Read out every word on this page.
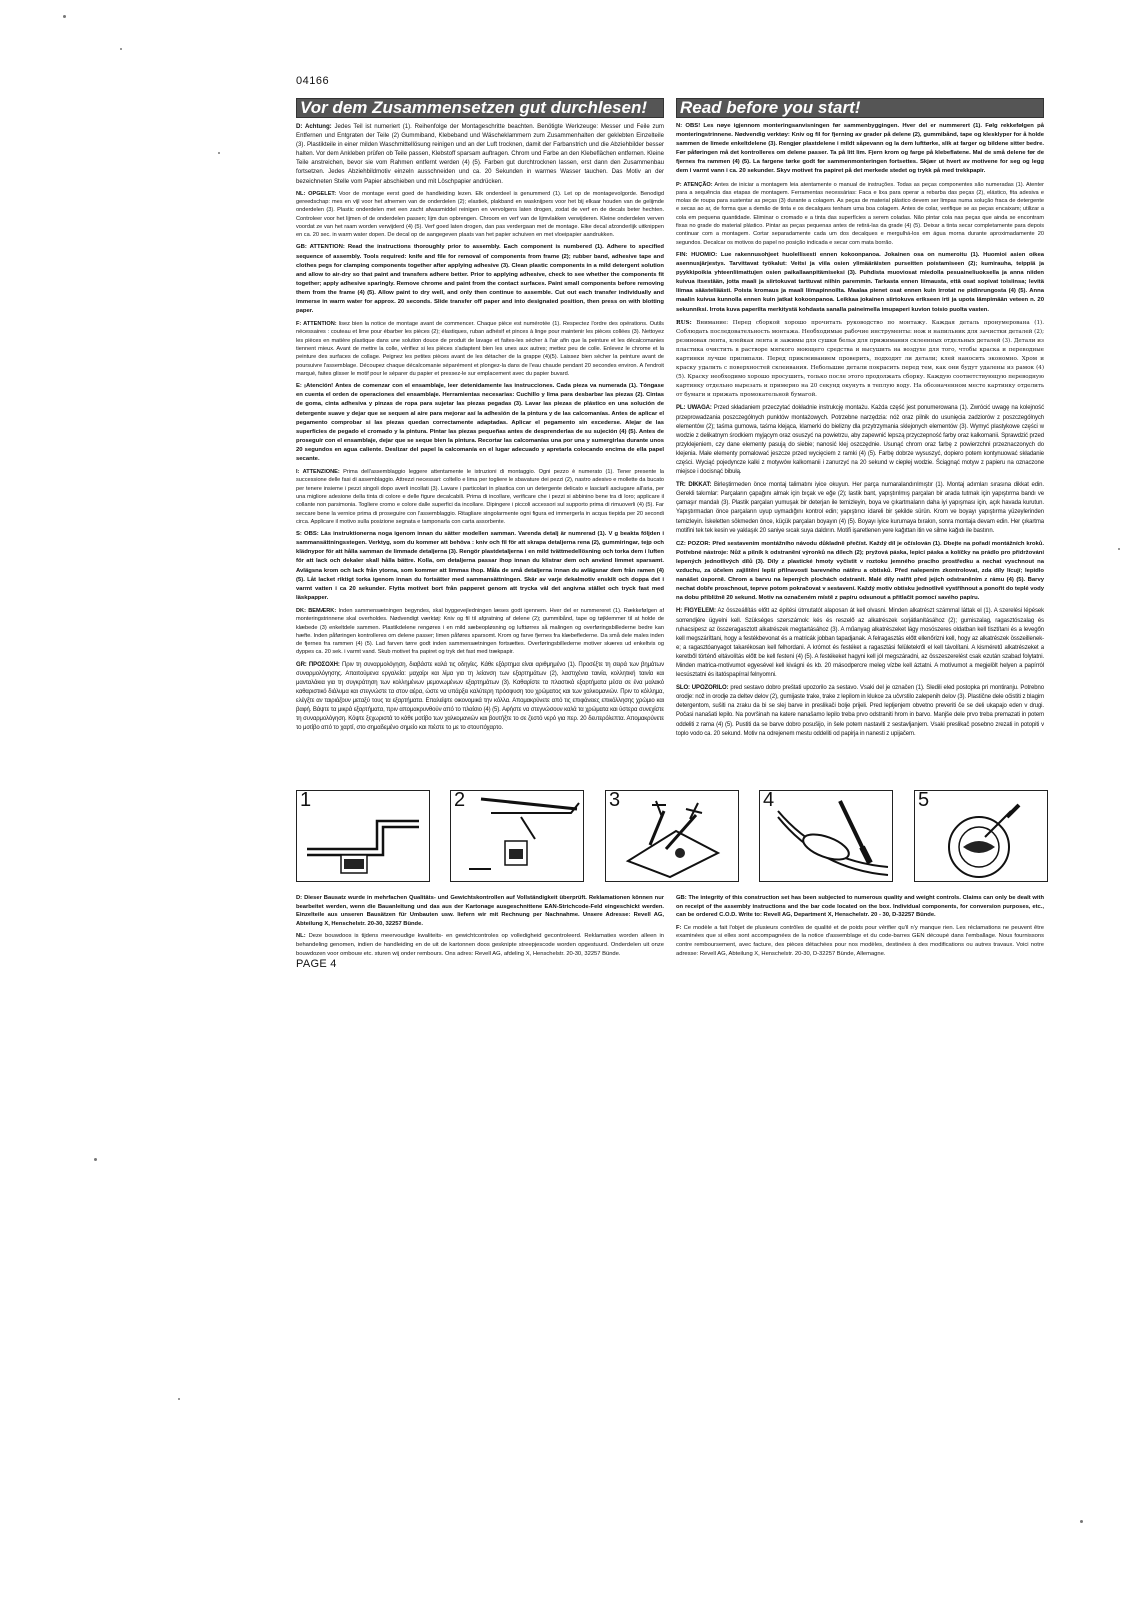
04166
Vor dem Zusammensetzen gut durchlesen!

D: Achtung: Jedes Teil ist numeriert (1). Reihenfolge der Montageschritte beachten. Benötigte Werkzeuge: Messer und Feile zum Entfernen und Entgraten der Teile (2) Gummiband, Klebeband und Wäscheklammern zum Zusammenhalten der geklebten Einzelteile (3). Plastikteile in einer milden Waschmittellösung reinigen und an der Luft trocknen, damit der Farbanstrich und die Abziehbilder besser halten. Vor dem Ankleben prüfen ob Teile passen, Klebstoff sparsam auftragen. Chrom und Farbe an den Klebeflächen entfernen. Kleine Teile anstreichen, bevor sie vom Rahmen entfernt werden (4) (5). Farben gut durchtrocknen lassen, erst dann den Zusammenbau fortsetzen. Jedes Abziehbildmotiv einzeln ausschneiden und ca. 20 Sekunden in warmes Wasser tauchen. Das Motiv an der bezeichneten Stelle vom Papier abschieben und mit Löschpapier andrücken.

NL: OPGELET: Voor de montage eerst goed de handleiding lezen. Elk onderdeel is genummerd (1). Let op de montagevolgorde. Benodigd gereedschap: mes en vijl voor het afnemen van de onderdelen (2); elastiek, plakband en wasknijpers voor het bij elkaar houden van de gelijmde onderdelen (3). Plastic onderdelen met een zacht afwasmiddel reinigen en vervolgens laten drogen, zodat de verf en de decals beter hechten. Controleer voor het lijmen of de onderdelen passen; lijm dun opbrengen. Chroom en verf van de lijmvlakken verwijderen. Kleine onderdelen verven voordat ze van het raam worden verwijderd (4) (5). Verf goed laten drogen, dan pas verdergaan met de montage. Elke decal afzonderlijk uitknippen en ca. 20 sec. in warm water dopen. De decal op de aangegeven plaats van het papier schuiven en met vloeipapier aandrukken.

GB: ATTENTION: Read the instructions thoroughly prior to assembly. Each component is numbered (1). Adhere to specified sequence of assembly. Tools required: knife and file for removal of components from frame (2); rubber band, adhesive tape and clothes pegs for clamping components together after applying adhesive (3). Clean plastic components in a mild detergent solution and allow to air-dry so that paint and transfers adhere better. Prior to applying adhesive, check to see whether the components fit together; apply adhesive sparingly. Remove chrome and paint from the contact surfaces. Paint small components before removing them from the frame (4) (5). Allow paint to dry well, and only then continue to assemble. Cut out each transfer individually and immerse in warm water for approx. 20 seconds. Slide transfer off paper and into designated position, then press on with blotting paper.

F: ATTENTION: lisez bien la notice de montage avant de commencer. Chaque pièce est numérotée (1). Respectez l'ordre des opérations. Outils nécessaires : couteau et lime pour ébarber les pièces (2); élastiques, ruban adhésif et pinces à linge pour maintenir les pièces collées (3). Nettoyez les pièces en matière plastique dans une solution douce de produit de lavage et faites-les sécher à l'air afin que la peinture et les décalcomanies tiennent mieux. Avant de mettre la colle, vérifiez si les pièces s'adaptent bien les unes aux autres; mettez peu de colle. Enlevez le chrome et la peinture des surfaces de collage. Peignez les petites pièces avant de les détacher de la grappe (4)(5). Laissez bien sécher la peinture avant de poursuivre l'assemblage. Découpez chaque décalcomanie séparément et plongez-la dans de l'eau chaude pendant 20 secondes environ. A l'endroit marqué, faites glisser le motif pour le séparer du papier et pressez-le sur emplacement avec du papier buvard.

E: ¡Atención! Antes de comenzar con el ensamblaje, leer detenidamente las instrucciones. Cada pieza va numerada (1). Tóngase en cuenta el orden de operaciones del ensamblaje. Herramientas necesarias: Cuchillo y lima para desbarbar las piezas (2). Cintas de goma, cinta adhesiva y pinzas de ropa para sujetar las piezas pegadas (3). Lavar las piezas de plástico en una solución de detergente suave y dejar que se sequen al aire para mejorar así la adhesión de la pintura y de las calcomanías. Antes de aplicar el pegamento comprobar si las piezas quedan correctamente adaptadas. Aplicar el pegamento sin excederse. Alejar de las superficies de pegado el cromado y la pintura. Pintar las piezas pequeñas antes de desprenderlas de su sujeción (4) (5). Antes de proseguir con el ensamblaje, dejar que se seque bien la pintura. Recortar las calcomanías una por una y sumergirlas durante unos 20 segundos en agua caliente. Deslizar del papel la calcomanía en el lugar adecuado y apretarla colocando encima de ella papel secante.

I: ATTENZIONE: Prima dell'assemblaggio leggere attentamente le istruzioni di montaggio. Ogni pezzo è numerato (1). Tener presente la successione delle fasi di assemblaggio. Attrezzi necessari: coltello e lima per togliere le sbavature dei pezzi (2), nastro adesivo e mollette da bucato per tenere insieme i pezzi singoli dopo averli incollati (3). Lavare i particolari in plastica con un detergente delicato e lasciarli asciugare all'aria, per una migliore adesione della tinta di colore e delle figure decalcabili. Prima di incollare, verificare che i pezzi si abbinino bene tra di loro; applicare il collante non parsimonia. Togliere cromo e colore dalle superfici da incollare. Dipingere i piccoli accessori sul supporto prima di rimuoverli (4) (5). Far seccare bene la vernice prima di proseguire con l'assemblaggio. Ritagliare singolarmente ogni figura ed immergerla in acqua tiepida per 20 secondi circa. Applicare il motivo sulla posizione segnata e tamponarla con carta assorbente.

S: OBS: Läs instruktionerna noga igenom innan du sätter modellen samman. Varenda detalj är numrerad (1). V g beakta följden i sammansättningsstegen. Verktyg, som du kommer att behöva : kniv och fil för att skrapa detaljerna rena (2), gummiringar, tejp och klädnypor för att hålla samman de limmade detaljerna (3). Rengör plastdetaljerna i en mild tvättmedellösning och torka dem i luften för att lack och dekaler skall hålla bättre. Kolla, om detaljerna passar ihop innan du klistrar dem och använd limmet sparsamt. Avlägsna krom och lack från ytorna, som kommer att limmas ihop. Måla de små detaljerna innan du avlägsnar dem från ramen (4) (5). Låt lacket riktigt torka igenom innan du fortsätter med sammansättningen. Skär av varje dekalmotiv enskilt och doppa det i varmt vatten i ca 20 sekunder. Flytta motivet bort från papperet genom att trycka väl det angivna stället och tryck fast med läskpapper.

DK: BEMÆRK: Inden sammensætningen begyndes, skal byggevejledningen læses godt igennem. Hver del er nummereret (1). Rækkefølgen af monteringstrinnene skal overholdes. Nødvendigt værktøj: Kniv og fil til afgratning af delene (2); gummibånd, tape og tøjklemmer til at holde de klæbede (3) enkeltdele sammen. Plastikdelene rengøres i en mild sæbeopløsning og lufttørres så malingen og overføringsbillederne bedre kan hæfte. Inden påføringen kontrolleres om delene passer; limen påføres sparsomt. Krom og farve fjernes fra klæbeflederne. Da små dele males inden de fjernes fra rammen (4) (5). Lad farven tørre godt inden sammensætningen fortsættes. Overføringsbillederne motiver skæres ud enkeltvis og dyppes ca. 20 sek. i varmt vand. Skub motivet fra papiret og tryk det fast med trækpapir.

GR: ΠΡΟΣΟΧΗ: Πριν τη συναρμολόγηση, διαβάστε καλά τις οδηγίες. Κάθε εξάρτημα είναι αριθμημένο (1). Προσέξτε τη σειρά των βημάτων συναρμολόγησης. Απαιτούμενα εργαλεία: μαχαίρι και λίμα για τη λείανση των εξαρτημάτων (2), λαστιχένια ταινία, κολλητική ταινία και μανταλάκια για τη συγκράτηση των κολλημένων μεμονωμένων εξαρτημάτων (3). Καθαρίστε τα πλαστικά εξαρτήματα μέσα σε ένα μαλακό καθαριστικό διάλυμα και στεγνώστε τα στον αέρα, ώστε να υπάρξει καλύτερη πρόσφυση του χρώματος και των χαλκομανιών. Πριν το κόλλημα, ελέγξτε αν ταιριάζουν μεταξύ τους τα εξαρτήματα. Επαλείψτε οικονομικά την κόλλα. Απομακρύνετε από τις επιφάνειες επικόλλησης χρώμιο και βαφή. Βάψτε τα μικρά εξαρτήματα, πριν απομακρυνθούν από το πλαίσιο (4) (5). Αφήστε να στεγνώσουν καλά τα χρώματα και ύστερα συνεχίστε τη συναρμολόγηση. Κόψτε ξεχωριστά το κάθε μοτίβο των χαλκομανιών και βουτήξτε το σε ζεστό νερό για περ. 20 δευτερόλεπτα. Απομακρύνετε το μοτίβο από το χαρτί, στο σημαδεμένο σημείο και πιέστε το με το στουπόχαρτο.

Read before you start!

N: OBS! Les nøye igjennom monteringsanvisningen før sammenbyggingen. Hver del er nummerert (1). Følg rekkefølgen på monteringstrinnene. Nødvendig verktøy: Kniv og fil for fjerning av grader på delene (2), gummibånd, tape og klesklyper for å holde sammen de limede enkeltdelene (3). Rengjør plastdelene i mildt såpevann og la dem lufttørke, slik at farger og bildene sitter bedre. Før påføringen må det kontrolleres om delene passer. Ta på litt lim. Fjern krom og farge på klebeflatene. Mal de små delene før de fjernes fra rammen (4) (5). La fargene tørke godt før sammenmonteringen fortsettes. Skjær ut hvert av motivene for seg og legg dem i varmt vann i ca. 20 sekunder. Skyv motivet fra papiret på det merkede stedet og trykk på med trekkpapir.

P: ATENÇÃO: Antes de iniciar a montagem leia atentamente o manual de instruções. Todas as peças componentes são numeradas (1). Atenter para a sequência das etapas de montagem. Ferramentas necessárias: Faca e lixa para operar a rebarba das peças (2), elástico, fita adesiva e molas de roupa para sustentar as peças (3) durante a colagem. As peças de material plástico devem ser limpas numa solução fraca de detergente e secas ao ar, de forma que a demão de tinta e os decalques tenham uma boa colagem. Antes de colar, verifique se as peças encaixam; utilizar a cola em pequena quantidade. Eliminar o cromado e a tinta das superfícies a serem coladas. Não pintar cola nas peças que ainda se encontram fixas no grade do material plástico. Pintar as peças pequenas antes de retirá-las da grade (4) (5). Deixar a tinta secar completamente para depois continuar com a montagem. Cortar separadamente cada um dos decalques e mergulhá-los em água morna durante aproximadamente 20 segundos. Decalcar os motivos do papel no posição indicada e secar com mata borrão.

FIN: HUOMIO: Lue rakennusohjeet huolellisesti ennen kokoonpanoa. Jokainen osa on numeroitu (1). Huomioi asien oikea asennusjärjestys. Tarvittavat työkalut: Veitsi ja viila osien ylimääräisten purseitten poistamiseen (2); kumirauha, teippiä ja pyykkipoikia yhteenliimattujen osien paikallaanpitämiseksi (3). Puhdista muoviosat miedolla pesuaineliuoksella ja anna niiden kuivua itsestään, jotta maali ja siirtokuvat tarttuvat niihin paremmin. Tarkasta ennen liimausta, että osat sopivat toisiinsa; levitä liimaa säästeliäästi. Poista kromaus ja maali liimapinnoilta. Maalaa pienet osat ennen kuin irrotat ne pidinrungosta (4) (5). Anna maalin kuivua kunnolla ennen kuin jatkat kokoonpanoa. Leikkaa jokainen siirtokuva erikseen irti ja upota lämpimään veteen n. 20 sekunniksi. Irrota kuva paperilta merkitystä kohdasta sanalla paineimella imupaperi kuvion toisio puolta vasten.

RUS: Внимание: Перед сборкой хорошо прочитать руководство по монтажу. Каждая деталь пронумерована (1). Соблюдать последовательность монтажа. Необходимые рабочие инструменты: нож и напильник для зачистки деталей (2); резиновая лента, клейкая лента и зажимы для сушки белья для прижимания склеенных отдельных деталей (3). Детали из пластика очистить в растворе мягкого моющего средства и высушить на воздухе для того, чтобы краска и переводные картинки лучше прилипали. Перед приклеиванием проверить, подходят ли детали; клей наносить экономно. Хром и краску удалить с поверхностей склеивания. Небольшие детали покрасить перед тем, как они будут удалены из рамок (4) (5). Краску необходимо хорошо просушить, только после этого продолжать сборку. Каждую соответствующую переводную картинку отдельно вырезать и примерно на 20 секунд окунуть в теплую воду. На обозначенном месте картинку отделить от бумаги и прижать промокательной бумагой.

PL: UWAGA: Przed składaniem przeczytać dokładnie instrukcję montażu. Każda część jest ponumerowana (1). Zwrócić uwagę na kolejność przeprowadzania poszczególnych punktów montażowych. Potrzebne narzędzia: nóż oraz pilnik do usunięcia zadziorów z poszczególnych elementów (2); taśma gumowa, taśma klejąca, klamerki do bielizny dla przytrzymania sklejonych elementów (3). Wymyć plastykowe części w wodzie z delikatnym środkiem myjącym oraz osuszyć na powietrzu, aby zapewnić lepszą przyczepność farby oraz kalkomanii. Sprawdzić przed przyklejeniem, czy dane elementy pasują do siebie; nanosić klej oszczędnie. Usunąć chrom oraz farbę z powierzchni przeznaczonych do klejenia. Małe elementy pomalować jeszcze przed wycięciem z ramki (4) (5). Farbę dobrze wysuszyć, dopiero potem kontynuować składanie części. Wyciąć pojedyncze kalki z motywów kalkomanii i zanurzyć na 20 sekund w ciepłej wodzie. Ściągnąć motyw z papieru na oznaczone miejsce i docisnąć bibułą.

TR: DİKKAT: Birleştirmeden önce montaj talimatını iyice okuyun. Her parça numaralandırılmıştır (1). Montaj adımları sırasına dikkat edin. Gerekli takımlar: Parçaların çapağını almak için bıçak ve eğe (2); lastik bant, yapıştırılmış parçaları bir arada tutmak için yapıştırma bandı ve çamaşır mandalı (3). Plastik parçaları yumuşak bir deterjan ile temizleyin, boya ve çıkartmaların daha iyi yapışması için, açık havada kurutun. Yapıştırmadan önce parçaların uyup uymadığını kontrol edin; yapıştırıcı idareli bir şekilde sürün. Krom ve boyayı yapıştırma yüzeylerinden temizleyin. İskeletten sökmeden önce, küçük parçaları boyayın (4) (5). Boyayı iyice kurumaya bırakın, sonra montaja devam edin. Her çıkartma motifini tek tek kesin ve yaklaşık 20 saniye sıcak suya daldırın. Motifi işaretlenen yere kağıttan itin ve silme kağıdı ile bastırın.

CZ: POZOR: Před sestavením montážního návodu důkladně přečíst. Každý díl je očíslován (1). Dbejte na pořadí montážních kroků. Potřebné nástroje: Nůž a pilník k odstranění výronků na dílech (2); pryžová páska, lepicí páska a kolíčky na prádlo pro přidržování lepených jednotlivých dílů (3). Díly z plastické hmoty vyčistit v roztoku jemného pracího prostředku a nechat vyschnout na vzduchu, za účelem zajištění lepší přilnavosti barevného nátěru a obtisků. Před nalepením zkontrolovat, zda díly lícují; lepidlo nanášet úsporně. Chrom a barvu na lepených plochách odstranit. Malé díly natřít před jejich odstraněním z rámu (4) (5). Barvy nechat dobře proschnout, teprve potom pokračovat v sestavení. Každý motiv obtisku jednotlivě vystřihnout a ponořit do teplé vody na dobu přibližně 20 sekund. Motiv na označeném místě z papíru odsunout a přitlačit pomocí savého papíru.

H: FIGYELEM: Az összeállítás előtt az építési útmutatót alaposan át kell olvasni. Minden alkatrészt számmal láttak el (1). A szerelési lépések sorrendjére ügyelni kell. Szükséges szerszámok: kés és reszelő az alkatrészek sorjátlanításához (2); gumiszalag, ragasztószalag és ruhacsipesz az összeragasztott alkatrészek megtartásához (3). A műanyag alkatrészeket lágy mosószeres oldatban kell tisztítani és a levegőn kell megszáríttani, hogy a festékbevonat és a matricák jobban tapadjanak. A felragasztás előtt ellenőrizni kell, hogy az alkatrészek összeillenek-e; a ragasztóanyagot takarékosan kell felhordani. A krómot és festéket a ragasztási felületekről el kell távolítani. A kisméretű alkatrészeket a keretből történő eltávolítás előtt be kell festeni (4) (5). A festékeket hagyni kell jól megszáradni, az összeszerelést csak ezután szabad folytatni. Minden matrica-motívumot egyesével kell kivágni és kb. 20 másodpercre meleg vízbe kell áztatni. A motívumot a megjelölt helyen a papírról lecsúsztatni és itatóspapírral felnyomni.

SLO: UPOZORILO: pred sestavo dobro preštati upozorilo za sestavo. Vsaki del je označen (1). Sledili eled postopka pri montiranju. Potrebno orodje: nož in orodje za deltev delov (2), gumijaste trake, trake z lepilom in klukce za učvrstilo zalepenih delov (3). Plastične dele očistiti z blagim detergentom, sušiti na zraku da bi se slej barve in preslikači bolje prijeli. Pred lepljenjem obvetno preveriti če se deli ukapajo eden v drugi. Počasi nanašati lepilo. Na površinah na katere nanašamo lepilo treba prvo odstraniti hrom in barvo. Manjše dele prvo treba premazati in potem oddeliti z rama (4) (5). Pustiti da se barve dobro posušijo, in šele potem nastaviti z sestavljanjem. Vsaki preslikač posebno zrezati in potopiti v toplo vodo ca. 20 sekund. Motiv na odrejenem mestu oddeliti od papirja in nanesti z upijačem.

1	2	3	4	5

D: Dieser Bausatz wurde in mehrfachen Qualitäts- und Gewichtskontrollen auf Vollständigkeit überprüft. Reklamationen können nur bearbeitet werden, wenn die Bauanleitung und das aus der Kartonage ausgeschnittene EAN-Strichcode-Feld eingeschickt werden. Einzelteile aus unseren Bausätzen für Umbauten usw. liefern wir mit Rechnung per Nachnahme. Unsere Adresse: Revell AG, Abteilung X, Henschelstr. 20-30, 32257 Bünde.

NL: Deze bouwdoos is tijdens meervoudige kwaliteits- en gewichtcontroles op volledigheid gecontroleerd. Reklamaties worden alleen in behandeling genomen, indien de handleiding en de uit de kartonnen doos gesknipte streepjescode worden opgestuurd. Onderdelen uit onze bouwdozen voor ombouw etc. sturen wij onder rembours. Ons adres: Revell AG, afdeling X, Henschelstr. 20-30, 32257 Bünde.

GB: The integrity of this construction set has been subjected to numerous quality and weight controls. Claims can only be dealt with on receipt of the assembly instructions and the bar code located on the box. Individual components, for conversion purposes, etc., can be ordered C.O.D. Write to: Revell AG, Department X, Henschelstr. 20 - 30, D-32257 Bünde.

F: Ce modèle a fait l'objet de plusieurs contrôles de qualité et de poids pour vérifier qu'il n'y manque rien. Les réclamations ne peuvent être examinées que si elles sont accompagnées de la notice d'assemblage et du code-barres GEN découpé dans l'emballage. Nous fournissons contre remboursement, avec facture, des pièces détachées pour nos modèles, destinées à des modifications ou autres travaux. Voici notre adresse: Revell AG, Abteilung X, Henschelstr. 20-30, D-32257 Bünde, Allemagne.

PAGE 4
